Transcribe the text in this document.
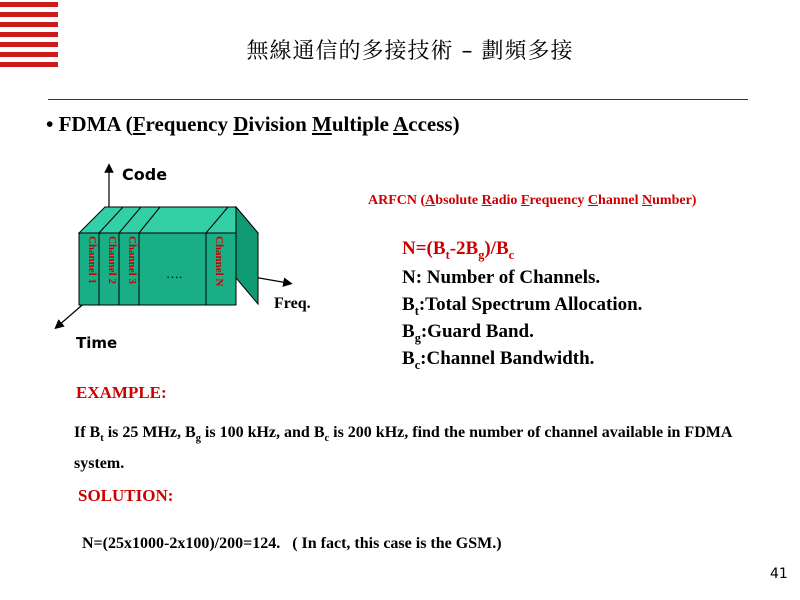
無線通信的多接技術 – 劃頻多接
• FDMA (Frequency Division Multiple Access)
Channel 1 Channel 2 Channel 3	Channel N
….
Code
Freq.
Time
ARFCN (Absolute Radio Frequency Channel Number)
$N=(B_t-2B_g)/B_c$
N: Number of Channels.
$B_t:Total$ Spectrum Allocation.
$B_g:Guard$ Band.
$B_c:Channel$ Bandwidth.
EXAMPLE:
If $B_t$ is 25 MHz, $B_g$ is 100 kHz, and $B_c$ is 200 kHz, find the number of channel available in FDMA system.
SOLUTION:
N=(25x1000-2x100)/200=124.   ( In fact, this case is the GSM.)
41
